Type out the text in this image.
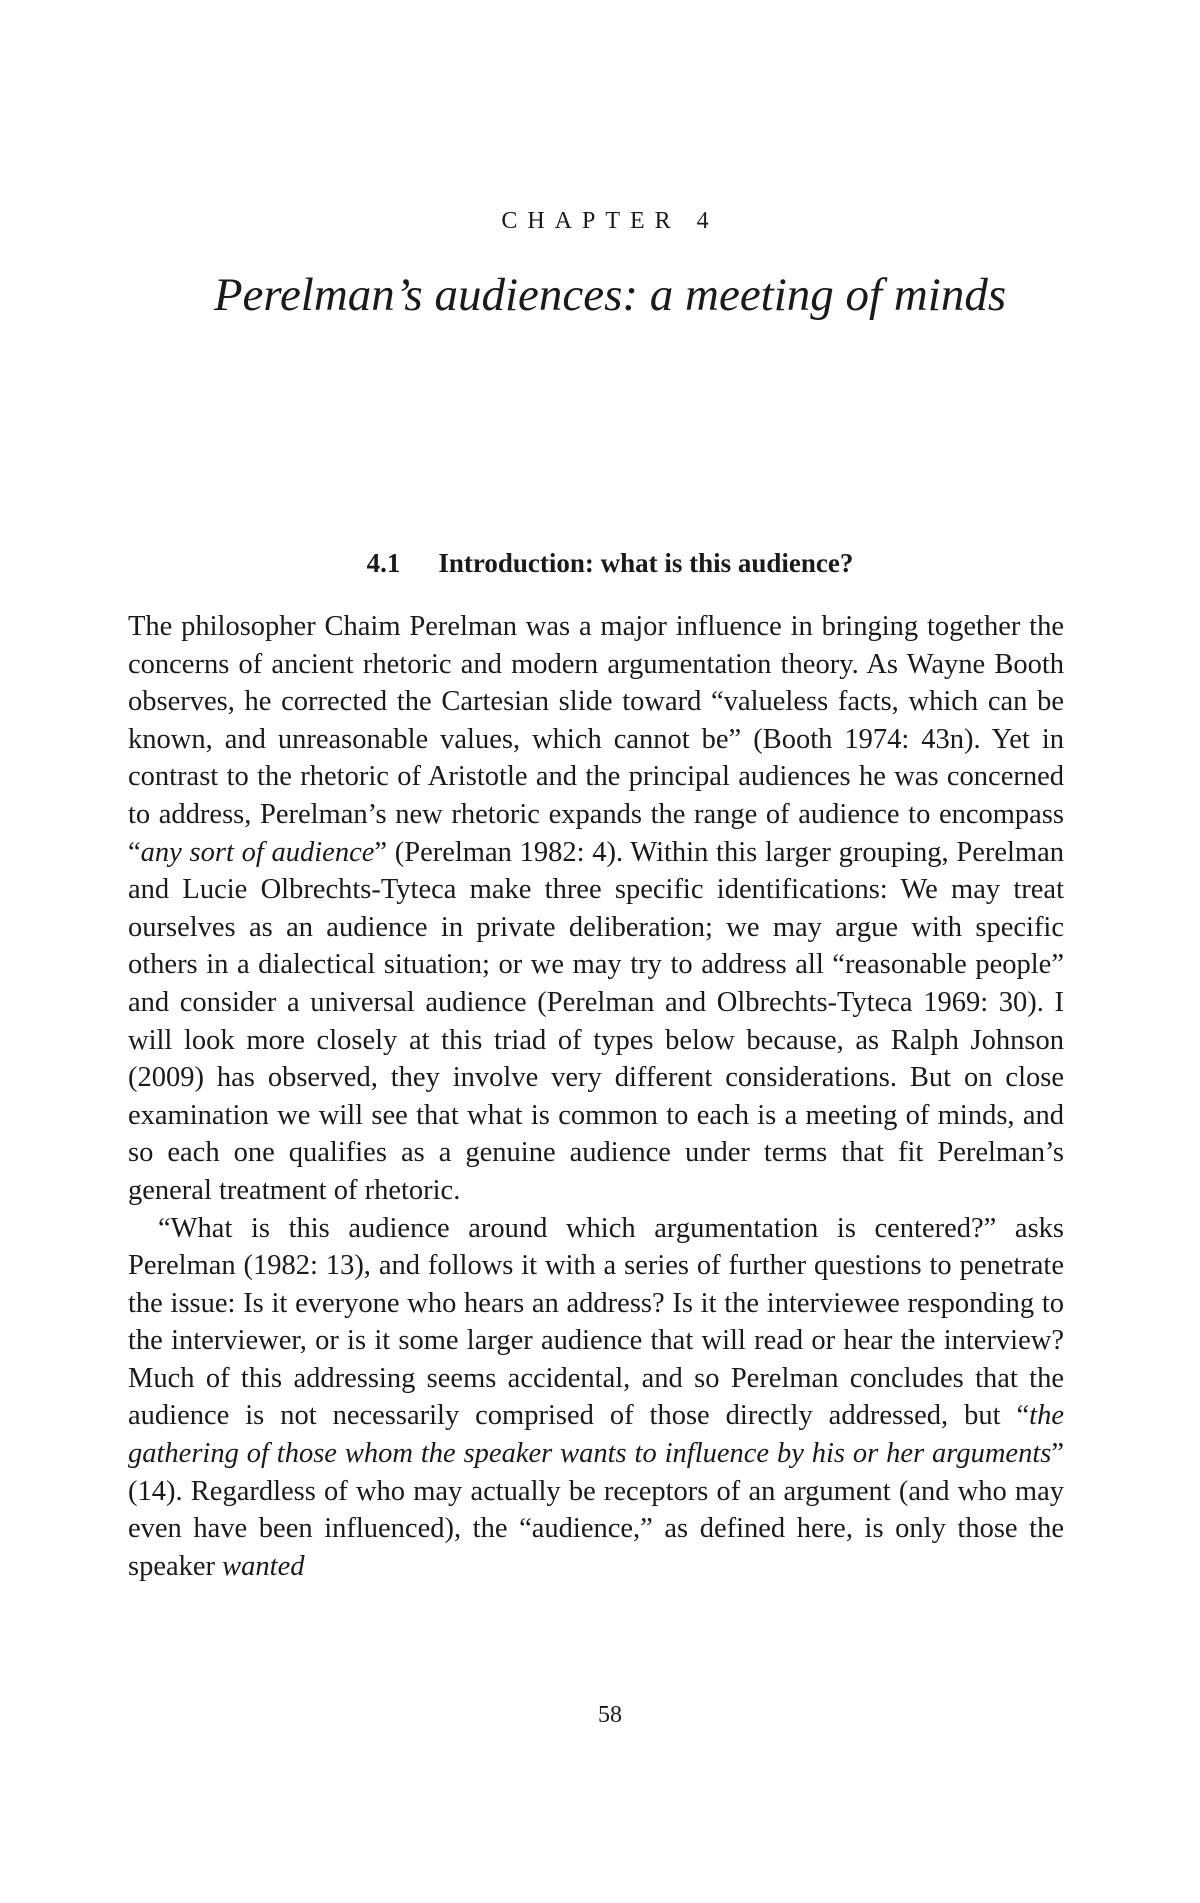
CHAPTER 4
Perelman’s audiences: a meeting of minds
4.1 Introduction: what is this audience?

The philosopher Chaim Perelman was a major influence in bringing together the concerns of ancient rhetoric and modern argumentation theory. As Wayne Booth observes, he corrected the Cartesian slide toward “valueless facts, which can be known, and unreasonable values, which cannot be” (Booth 1974: 43n). Yet in contrast to the rhetoric of Aristotle and the principal audiences he was concerned to address, Perelman’s new rhetoric expands the range of audience to encompass “any sort of audience” (Perelman 1982: 4). Within this larger grouping, Perelman and Lucie Olbrechts-Tyteca make three specific identifications: We may treat ourselves as an audience in private deliberation; we may argue with specific others in a dialectical situation; or we may try to address all “reasonable people” and consider a universal audience (Perelman and Olbrechts-Tyteca 1969: 30). I will look more closely at this triad of types below because, as Ralph Johnson (2009) has observed, they involve very different considerations. But on close examination we will see that what is common to each is a meeting of minds, and so each one qualifies as a genuine audience under terms that fit Perelman’s general treatment of rhetoric.

“What is this audience around which argumentation is centered?” asks Perelman (1982: 13), and follows it with a series of further questions to penetrate the issue: Is it everyone who hears an address? Is it the interviewee responding to the interviewer, or is it some larger audience that will read or hear the interview? Much of this addressing seems accidental, and so Perelman concludes that the audience is not necessarily comprised of those directly addressed, but “the gathering of those whom the speaker wants to influence by his or her arguments” (14). Regardless of who may actually be receptors of an argument (and who may even have been influenced), the “audience,” as defined here, is only those the speaker wanted

58
